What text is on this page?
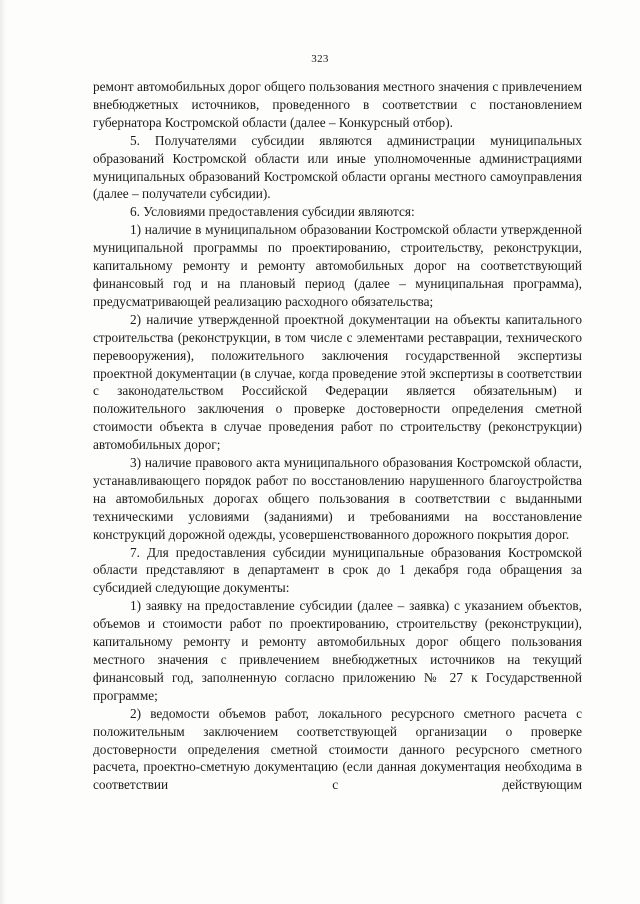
323

ремонт автомобильных дорог общего пользования местного значения с привлечением внебюджетных источников, проведенного в соответствии с постановлением губернатора Костромской области (далее – Конкурсный отбор).

5. Получателями субсидии являются администрации муниципальных образований Костромской области или иные уполномоченные администрациями муниципальных образований Костромской области органы местного самоуправления (далее – получатели субсидии).

6. Условиями предоставления субсидии являются:

1) наличие в муниципальном образовании Костромской области утвержденной муниципальной программы по проектированию, строительству, реконструкции, капитальному ремонту и ремонту автомобильных дорог на соответствующий финансовый год и на плановый период (далее – муниципальная программа), предусматривающей реализацию расходного обязательства;

2) наличие утвержденной проектной документации на объекты капитального строительства (реконструкции, в том числе с элементами реставрации, технического перевооружения), положительного заключения государственной экспертизы проектной документации (в случае, когда проведение этой экспертизы в соответствии с законодательством Российской Федерации является обязательным) и положительного заключения о проверке достоверности определения сметной стоимости объекта в случае проведения работ по строительству (реконструкции) автомобильных дорог;

3) наличие правового акта муниципального образования Костромской области, устанавливающего порядок работ по восстановлению нарушенного благоустройства на автомобильных дорогах общего пользования в соответствии с выданными техническими условиями (заданиями) и требованиями на восстановление конструкций дорожной одежды, усовершенствованного дорожного покрытия дорог.

7. Для предоставления субсидии муниципальные образования Костромской области представляют в департамент в срок до 1 декабря года обращения за субсидией следующие документы:

1) заявку на предоставление субсидии (далее – заявка) с указанием объектов, объемов и стоимости работ по проектированию, строительству (реконструкции), капитальному ремонту и ремонту автомобильных дорог общего пользования местного значения с привлечением внебюджетных источников на текущий финансовый год, заполненную согласно приложению № 27 к Государственной программе;

2) ведомости объемов работ, локального ресурсного сметного расчета с положительным заключением соответствующей организации о проверке достоверности определения сметной стоимости данного ресурсного сметного расчета, проектно-сметную документацию (если данная документация необходима в соответствии с действующим
